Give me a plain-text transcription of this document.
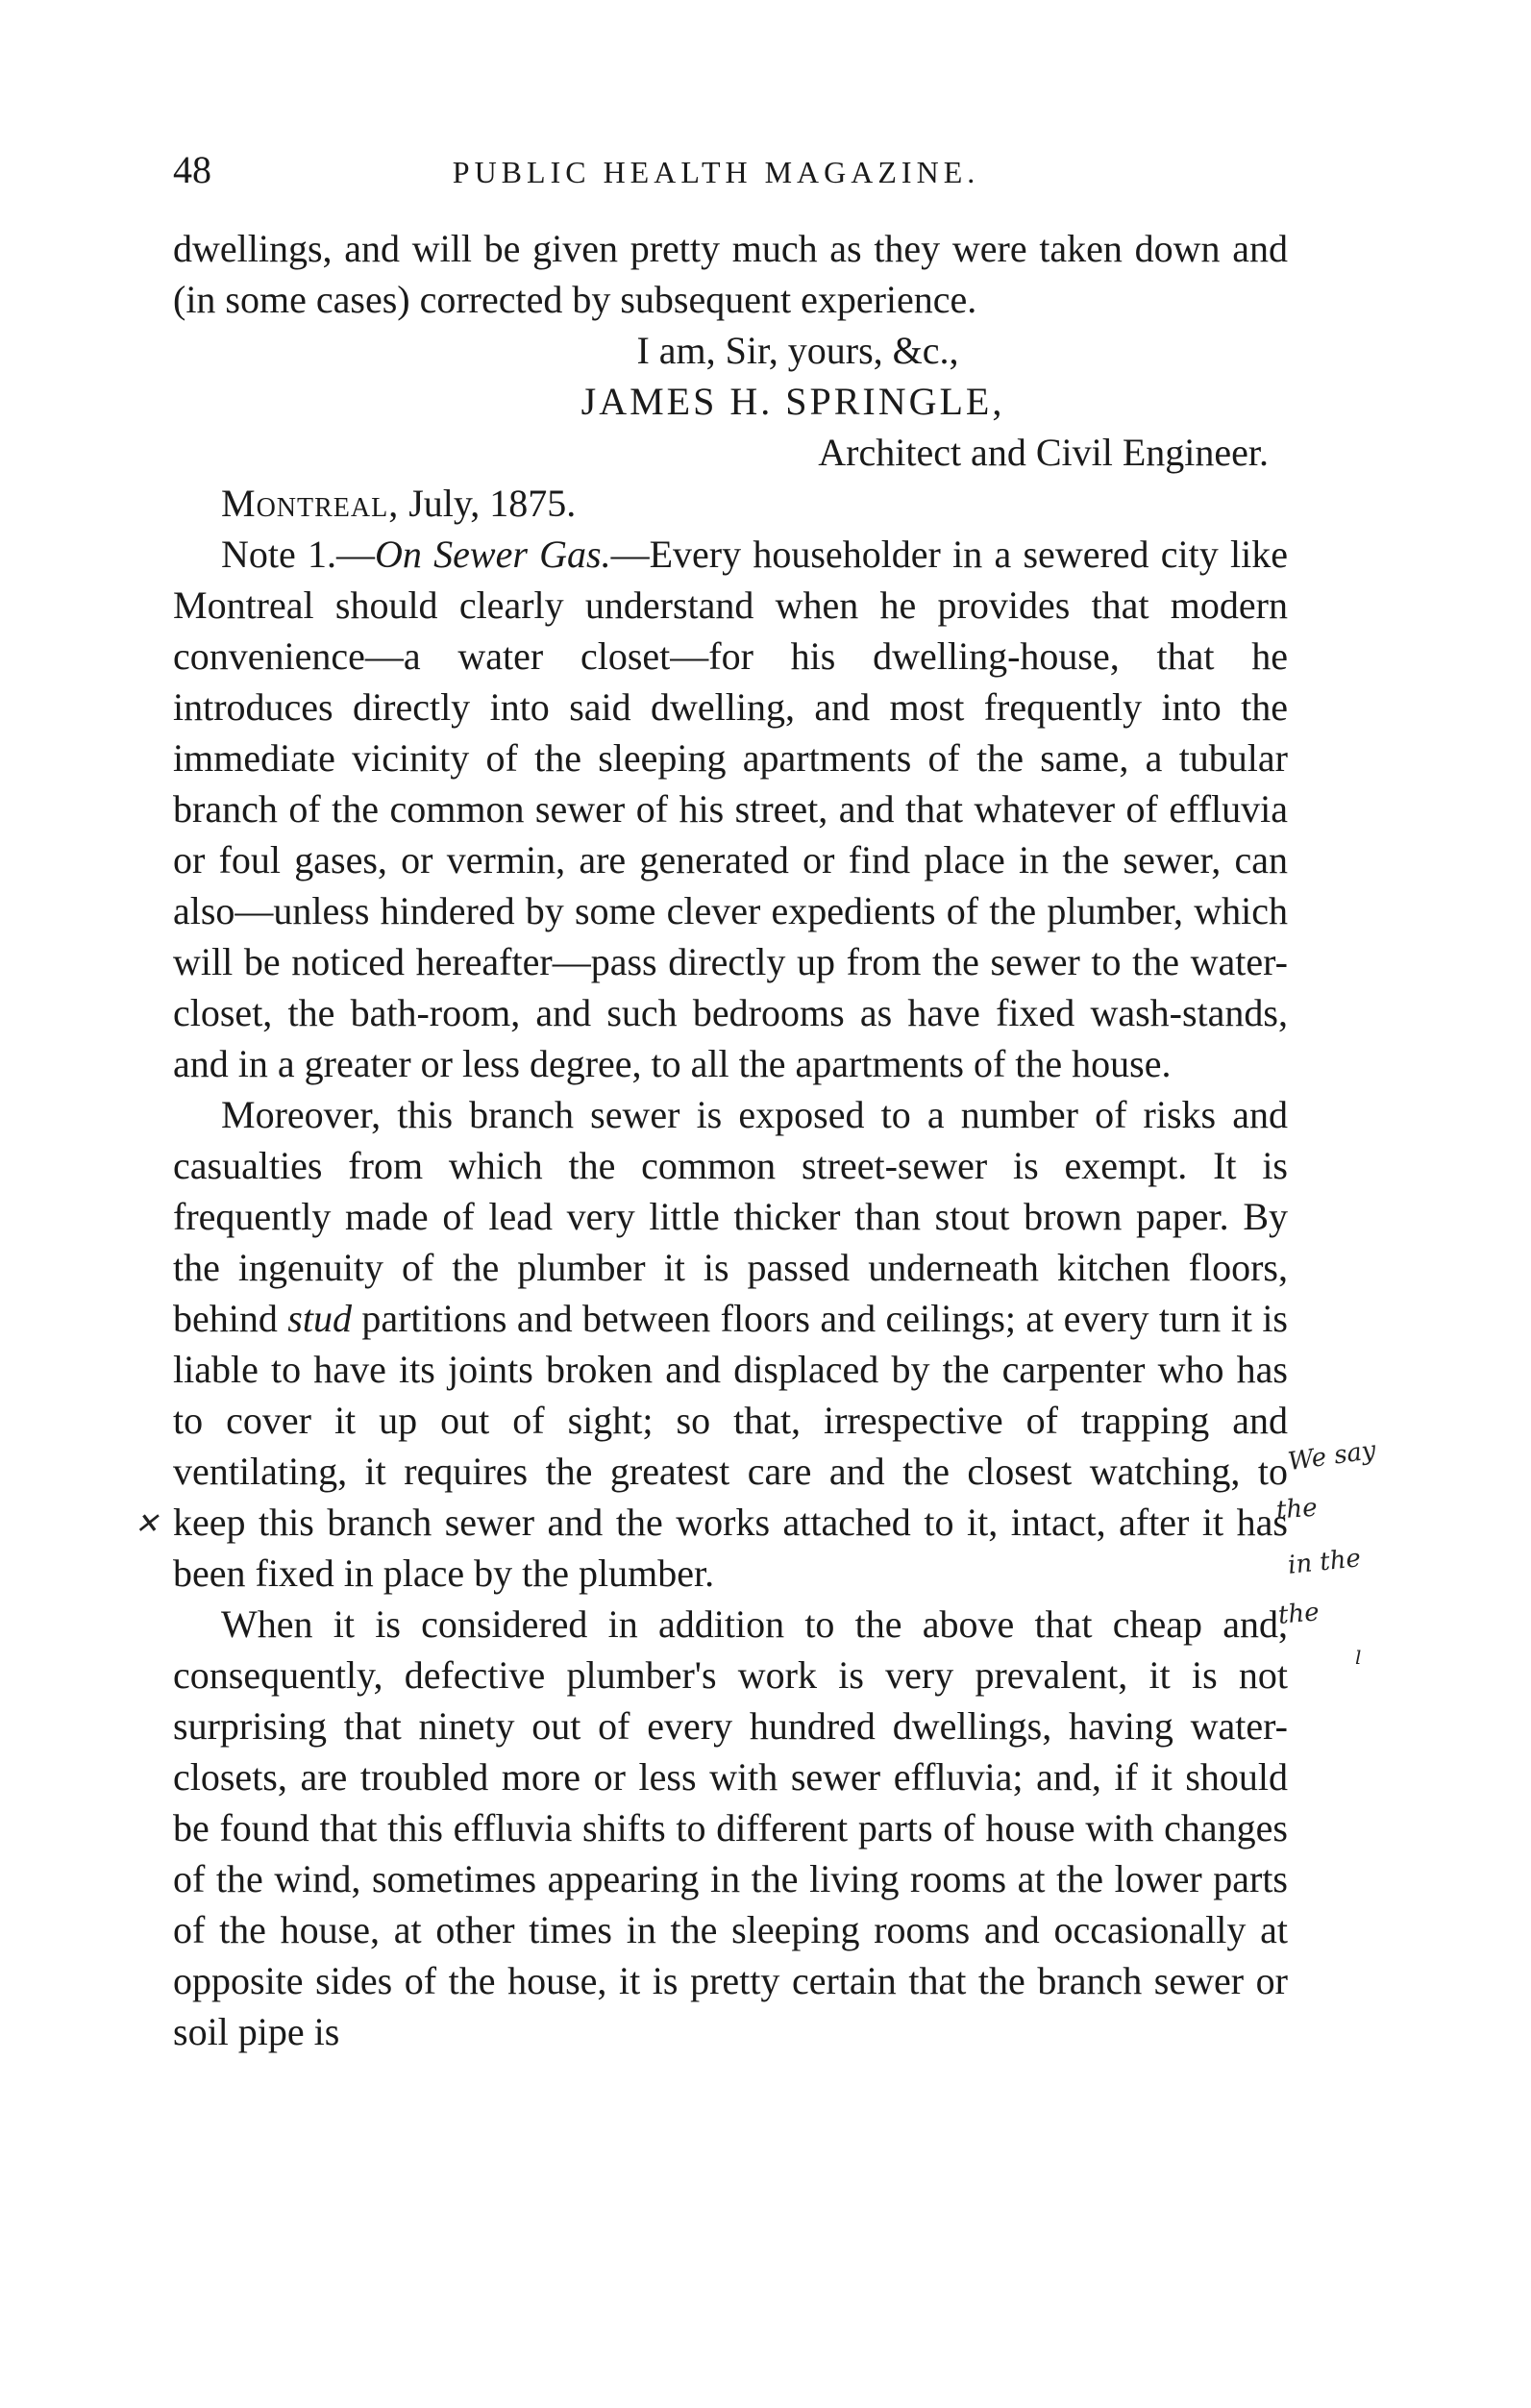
48	PUBLIC HEALTH MAGAZINE.

dwellings, and will be given pretty much as they were taken down and (in some cases) corrected by subsequent experience.

I am, Sir, yours, &c.,

JAMES H. SPRINGLE,

Architect and Civil Engineer.

Montreal, July, 1875.

Note 1.—On Sewer Gas.—Every householder in a sewered city like Montreal should clearly understand when he provides that modern convenience—a water closet—for his dwelling-house, that he introduces directly into said dwelling, and most frequently into the immediate vicinity of the sleeping apartments of the same, a tubular branch of the common sewer of his street, and that whatever of effluvia or foul gases, or vermin, are generated or find place in the sewer, can also—unless hindered by some clever expedients of the plumber, which will be noticed hereafter—pass directly up from the sewer to the water-closet, the bath-room, and such bedrooms as have fixed wash-stands, and in a greater or less degree, to all the apartments of the house.

Moreover, this branch sewer is exposed to a number of risks and casualties from which the common street-sewer is exempt. It is frequently made of lead very little thicker than stout brown paper. By the ingenuity of the plumber it is passed underneath kitchen floors, behind stud partitions and between floors and ceilings; at every turn it is liable to have its joints broken and displaced by the carpenter who has to cover it up out of sight; so that, irrespective of trapping and ventilating, it requires the greatest care and the closest watching, to keep this branch sewer and the works attached to it, intact, after it has been fixed in place by the plumber.

When it is considered in addition to the above that cheap and, consequently, defective plumber's work is very prevalent, it is not surprising that ninety out of every hundred dwellings, having water-closets, are troubled more or less with sewer effluvia; and, if it should be found that this effluvia shifts to different parts of house with changes of the wind, sometimes appearing in the living rooms at the lower parts of the house, at other times in the sleeping rooms and occasionally at opposite sides of the house, it is pretty certain that the branch sewer or soil pipe is

We say
the
in the
the
l
✕
